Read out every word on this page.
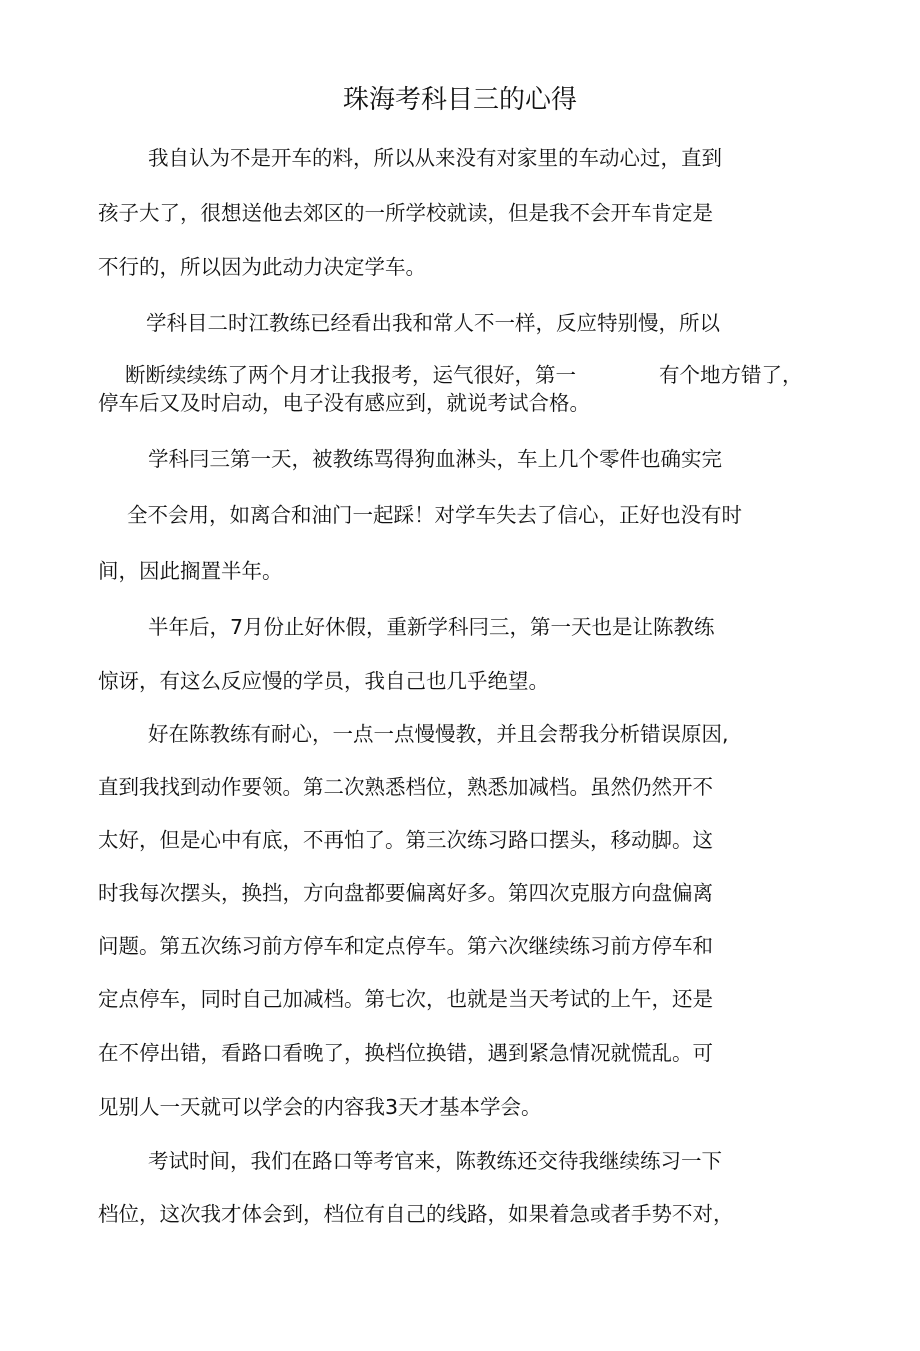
珠海考科目三的心得
我自认为不是开车的料，所以从来没有对家里的车动心过，直到
孩子大了，很想送他去郊区的一所学校就读，但是我不会开车肯定是
不行的，所以因为此动力决定学车。
学科目二时江教练已经看出我和常人不一样，反应特别慢，所以
断断续续练了两个月才让我报考，运气很好，第一	有个地方错了，
停车后又及时启动，电子没有感应到，就说考试合格。
学科冃三第一天，被教练骂得狗血淋头，车上几个零件也确实完
全不会用，如离合和油门一起踩！对学车失去了信心，正好也没有时
间，因此搁置半年。
半年后，7月份止好休假，重新学科冃三，第一天也是让陈教练
惊讶，有这么反应慢的学员，我自己也几乎绝望。
好在陈教练有耐心，一点一点慢慢教，并且会帮我分析错误原因,
直到我找到动作要领。第二次熟悉档位，熟悉加减档。虽然仍然开不
太好，但是心中有底，不再怕了。第三次练习路口摆头，移动脚。这
时我每次摆头，换挡，方向盘都要偏离好多。第四次克服方向盘偏离
问题。第五次练习前方停车和定点停车。第六次继续练习前方停车和
定点停车，同时自己加减档。第七次，也就是当天考试的上午，还是
在不停出错，看路口看晚了，换档位换错，遇到紧急情况就慌乱。可
见别人一天就可以学会的内容我3天才基本学会。
考试时间，我们在路口等考官来，陈教练还交待我继续练习一下
档位，这次我才体会到，档位有自己的线路，如果着急或者手势不对，
